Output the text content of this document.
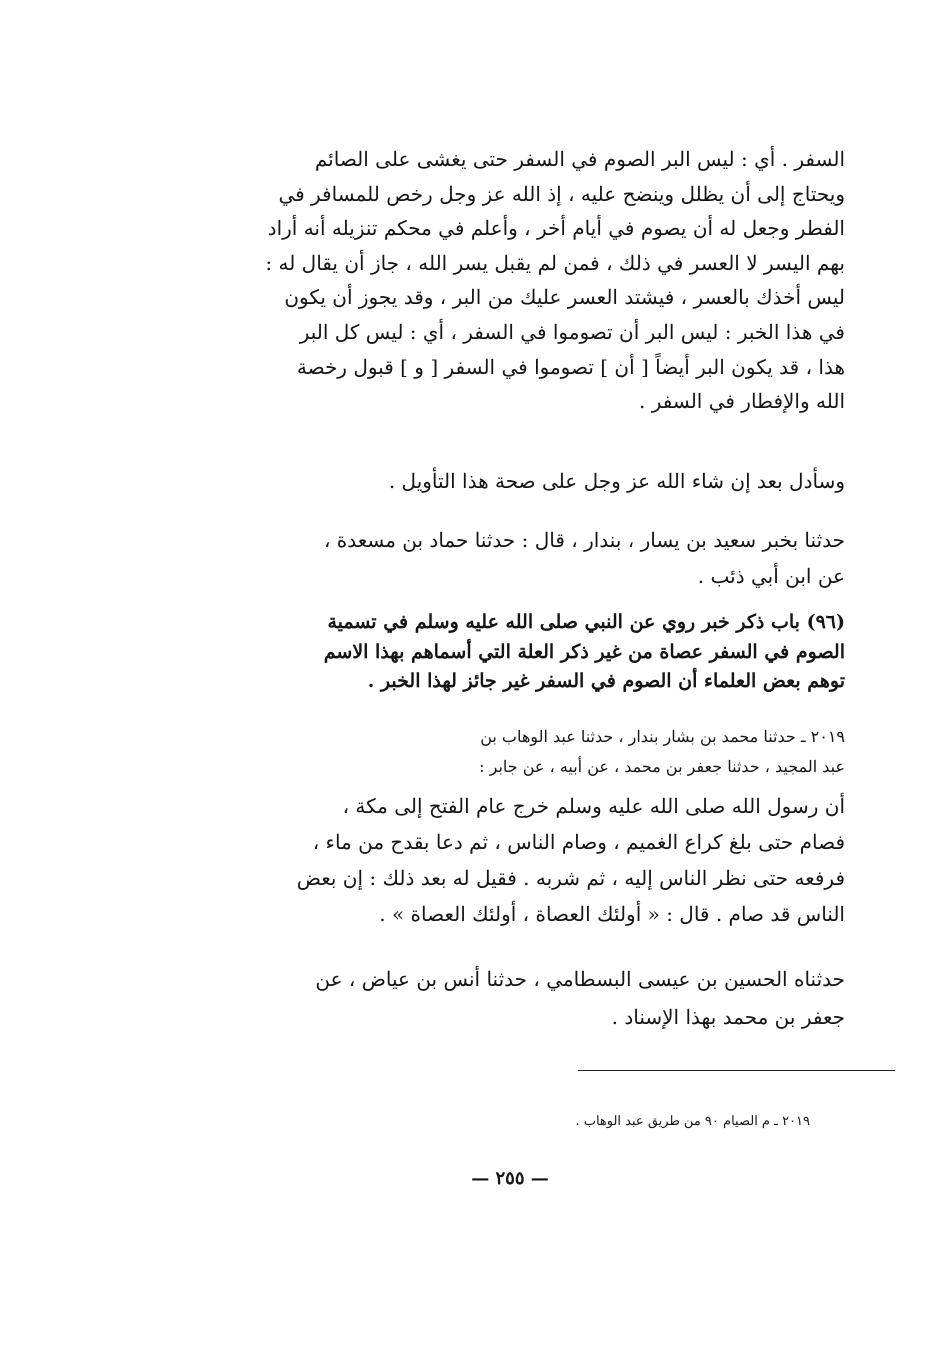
السفر . أي : ليس البر الصوم في السفر حتى يغشى على الصائم
ويحتاج إلى أن يظلل وينضح عليه ، إذ الله عز وجل رخص للمسافر في
الفطر وجعل له أن يصوم في أيام أخر ، وأعلم في محكم تنزيله أنه أراد
بهم اليسر لا العسر في ذلك ، فمن لم يقبل يسر الله ، جاز أن يقال له :
ليس أخذك بالعسر ، فيشتد العسر عليك من البر ، وقد يجوز أن يكون
في هذا الخبر : ليس البر أن تصوموا في السفر ، أي : ليس كل البر
هذا ، قد يكون البر أيضاً [ أن ] تصوموا في السفر [ و ] قبول رخصة
الله والإفطار في السفر .
وسأدل بعد إن شاء الله عز وجل على صحة هذا التأويل .
حدثنا بخبر سعيد بن يسار ، بندار ، قال : حدثنا حماد بن مسعدة ،
عن ابن أبي ذئب .
(٩٦) باب ذكر خبر روي عن النبي صلى الله عليه وسلم في تسمية
الصوم في السفر عصاة من غير ذكر العلة التي أسماهم بهذا الاسم
توهم بعض العلماء أن الصوم في السفر غير جائز لهذا الخبر .
٢٠١٩ ـ حدثنا محمد بن بشار بندار ، حدثنا عبد الوهاب بن
عبد المجيد ، حدثنا جعفر بن محمد ، عن أبيه ، عن جابر :
أن رسول الله صلى الله عليه وسلم خرج عام الفتح إلى مكة ،
فصام حتى بلغ كراع الغميم ، وصام الناس ، ثم دعا بقدح من ماء ،
فرفعه حتى نظر الناس إليه ، ثم شربه . فقيل له بعد ذلك : إن بعض
الناس قد صام . قال : « أولئك العصاة ، أولئك العصاة » .
حدثناه الحسين بن عيسى البسطامي ، حدثنا أنس بن عياض ، عن
جعفر بن محمد بهذا الإسناد .
٢٠١٩ ـ م الصيام ٩٠ من طريق عبد الوهاب .
— ٢٥٥ —
